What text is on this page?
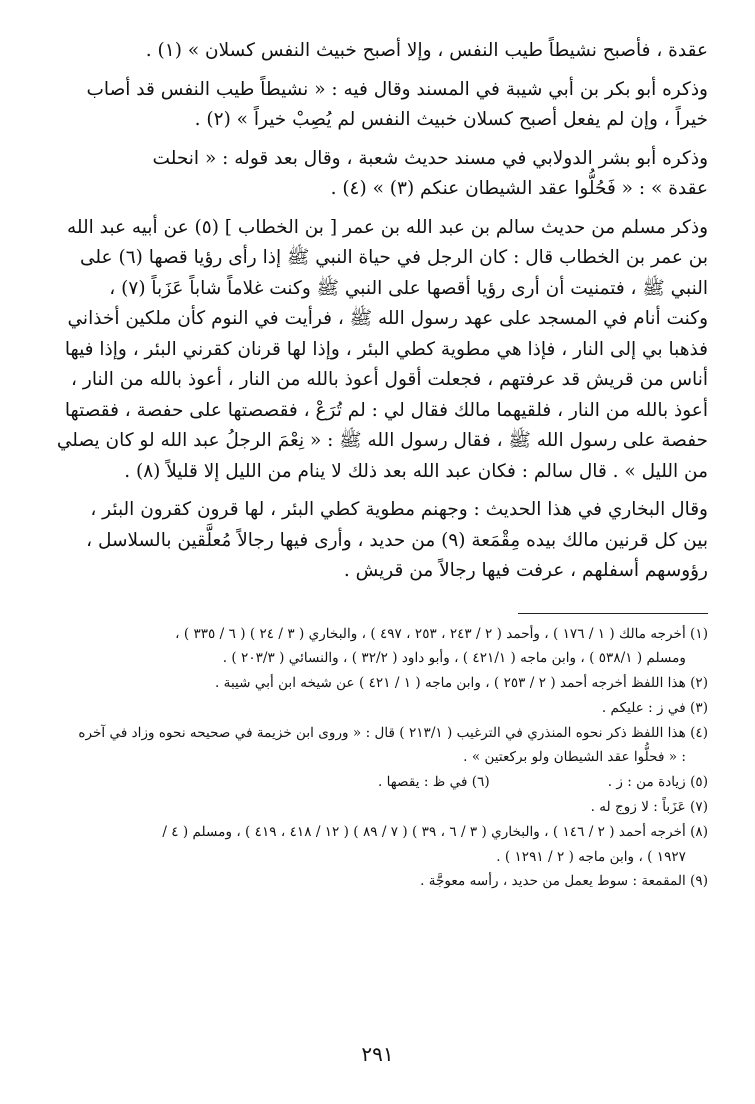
عقدة ، فأصبح نشيطاً طيب النفس ، وإلا أصبح خبيث النفس كسلان » (١) .

وذكره أبو بكر بن أبي شيبة في المسند وقال فيه : « نشيطاً طيب النفس قد أصاب
خيراً ، وإن لم يفعل أصبح كسلان خبيث النفس لم يُصِبْ خيراً » (٢) .

وذكره أبو بشر الدولابي في مسند حديث شعبة ، وقال بعد قوله : « انحلت
عقدة » : « فَحُلُّوا عقد الشيطان عنكم (٣) » (٤) .

وذكر مسلم من حديث سالم بن عبد الله بن عمر [ بن الخطاب ] (٥) عن أبيه عبد الله
بن عمر بن الخطاب قال : كان الرجل في حياة النبي ﷺ إذا رأى رؤيا قصها (٦) على
النبي ﷺ ، فتمنيت أن أرى رؤيا أقصها على النبي ﷺ وكنت غلاماً شاباً عَزَباً (٧) ،
وكنت أنام في المسجد على عهد رسول الله ﷺ ، فرأيت في النوم كأن ملكين أخذاني
فذهبا بي إلى النار ، فإذا هي مطوية كطي البئر ، وإذا لها قرنان كقرني البئر ، وإذا فيها
أناس من قريش قد عرفتهم ، فجعلت أقول أعوذ بالله من النار ، أعوذ بالله من النار ،
أعوذ بالله من النار ، فلقيهما مالك فقال لي : لم تُرَعْ ، فقصصتها على حفصة ، فقصتها
حفصة على رسول الله ﷺ ، فقال رسول الله ﷺ : « نِعْمَ الرجلُ عبد الله لو كان يصلي
من الليل » . قال سالم : فكان عبد الله بعد ذلك لا ينام من الليل إلا قليلاً (٨) .

وقال البخاري في هذا الحديث : وجهنم مطوية كطي البئر ، لها قرون كقرون البئر ،
بين كل قرنين مالك بيده مِقْمَعة (٩) من حديد ، وأرى فيها رجالاً مُعلَّقين بالسلاسل ،
رؤوسهم أسفلهم ، عرفت فيها رجالاً من قريش .

(١) أخرجه مالك ( ١ / ١٧٦ ) ، وأحمد ( ٢ / ٢٤٣ ، ٢٥٣ ، ٤٩٧ ) ، والبخاري ( ٣ / ٢٤ ) ( ٦ / ٣٣٥ ) ،
ومسلم ( ٥٣٨/١ ) ، وابن ماجه ( ٤٢١/١ ) ، وأبو داود ( ٣٢/٢ ) ، والنسائي ( ٢٠٣/٣ ) .
(٢) هذا اللفظ أخرجه أحمد ( ٢ / ٢٥٣ ) ، وابن ماجه ( ١ / ٤٢١ ) عن شيخه ابن أبي شيبة .
(٣) في ز : عليكم .
(٤) هذا اللفظ ذكر نحوه المنذري في الترغيب ( ٢١٣/١ ) قال : « وروى ابن خزيمة في صحيحه نحوه وزاد في آخره
: « فحلُّوا عقد الشيطان ولو بركعتين » .
(٥) زيادة من : ز .
(٦) في ظ : يقصها .
(٧) عَزَباً : لا زوج له .
(٨) أخرجه أحمد ( ٢ / ١٤٦ ) ، والبخاري ( ٣ / ٦ ، ٣٩ ) ( ٧ / ٨٩ ) ( ١٢ / ٤١٨ ، ٤١٩ ) ، ومسلم ( ٤ /
١٩٢٧ ) ، وابن ماجه ( ٢ / ١٢٩١ ) .
(٩) المقمعة : سوط يعمل من حديد ، رأسه معوجَّة .
٢٩١
